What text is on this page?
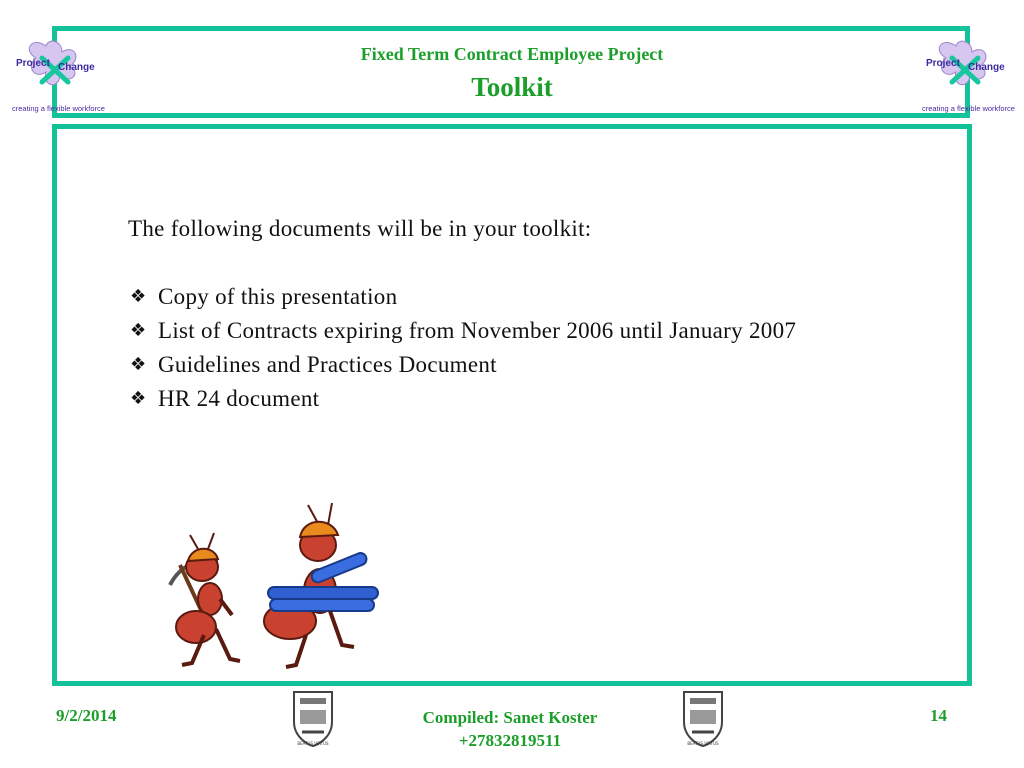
Project Change
creating a flexible workforce
Project Change
creating a flexible workforce
Fixed Term Contract Employee Project
Toolkit
The following documents will be in your toolkit:
❖ Copy of this presentation
❖ List of Contracts expiring from November 2006 until January 2007
❖ Guidelines and Practices Document
❖ HR 24 document
9/2/2014
BEATUS VIRTUS
Compiled: Sanet Koster
+27832819511	BEATUS VIRTUS
14
